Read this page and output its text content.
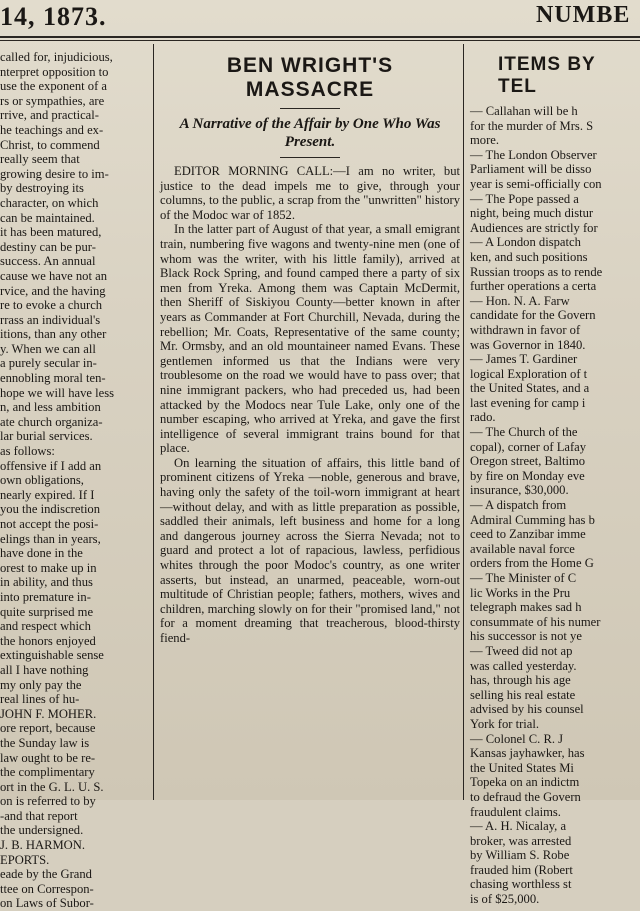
14, 1873.	NUMBE
called for, injudicious,
nterpret opposition to
use the exponent of a
rs or sympathies, are
rrive, and practical-
he teachings and ex-
Christ, to commend
really seem that
growing desire to im-
by destroying its
character, on which
can be maintained.
it has been matured,
destiny can be pur-
success. An annual
cause we have not an
rvice, and the having
re to evoke a church
rrass an individual's
itions, than any other
y. When we can all
a purely secular in-
ennobling moral ten-
hope we will have less
n, and less ambition
ate church organiza-
lar burial services.
as follows:
offensive if I add an
own obligations,
nearly expired. If I
you the indiscretion
not accept the posi-
elings than in years,
have done in the
orest to make up in
in ability, and thus
into premature in-
quite surprised me
and respect which
the honors enjoyed
extinguishable sense
all I have nothing
my only pay the
real lines of hu-
JOHN F. MOHER.
ore report, because
the Sunday law is
law ought to be re-
the complimentary
ort in the G. L. U. S.
on is referred to by
-and that report
the undersigned.
J. B. HARMON.
EPORTS.
eade by the Grand
ttee on Correspon-
on Laws of Subor-
BEN WRIGHT'S MASSACRE
A Narrative of the Affair by One Who Was Present.

EDITOR MORNING CALL:—I am no writer, but justice to the dead impels me to give, through your columns, to the public, a scrap from the "unwritten" history of the Modoc war of 1852.

In the latter part of August of that year, a small emigrant train, numbering five wagons and twenty-nine men (one of whom was the writer, with his little family), arrived at Black Rock Spring, and found camped there a party of six men from Yreka. Among them was Captain McDermit, then Sheriff of Siskiyou County—better known in after years as Commander at Fort Churchill, Nevada, during the rebellion; Mr. Coats, Representative of the same county; Mr. Ormsby, and an old mountaineer named Evans. These gentlemen informed us that the Indians were very troublesome on the road we would have to pass over; that nine immigrant packers, who had preceded us, had been attacked by the Modocs near Tule Lake, only one of the number escaping, who arrived at Yreka, and gave the first intelligence of several immigrant trains bound for that place.

On learning the situation of affairs, this little band of prominent citizens of Yreka —noble, generous and brave, having only the safety of the toil-worn immigrant at heart—without delay, and with as little preparation as possible, saddled their animals, left business and home for a long and dangerous journey across the Sierra Nevada; not to guard and protect a lot of rapacious, lawless, perfidious whites through the poor Modoc's country, as one writer asserts, but instead, an unarmed, peaceable, worn-out multitude of Christian people; fathers, mothers, wives and children, marching slowly on for their "promised land," not for a moment dreaming that treacherous, blood-thirsty fiend-

ITEMS BY TEL
— Callahan will be h
for the murder of Mrs. S
more.
— The London Observer
Parliament will be disso
year is semi-officially con
— The Pope passed a
night, being much distur
Audiences are strictly for
— A London dispatch
ken, and such positions
Russian troops as to rende
further operations a certa
— Hon. N. A. Farw
candidate for the Govern
withdrawn in favor of
was Governor in 1840.
— James T. Gardiner
logical Exploration of t
the United States, and a
last evening for camp i
rado.
— The Church of the
copal), corner of Lafay
Oregon street, Baltimo
by fire on Monday eve
insurance, $30,000.
— A dispatch from
Admiral Cumming has b
ceed to Zanzibar imme
available naval force
orders from the Home G
— The Minister of C
lic Works in the Pru
telegraph makes sad h
consummate of his numer
his successor is not ye
— Tweed did not ap
was called yesterday.
has, through his age
selling his real estate
advised by his counsel
York for trial.
— Colonel C. R. J
Kansas jayhawker, has
the United States Mi
Topeka on an indictm
to defraud the Govern
fraudulent claims.
— A. H. Nicalay, a
broker, was arrested
by William S. Robe
frauded him (Robert
chasing worthless st
is of $25,000.
